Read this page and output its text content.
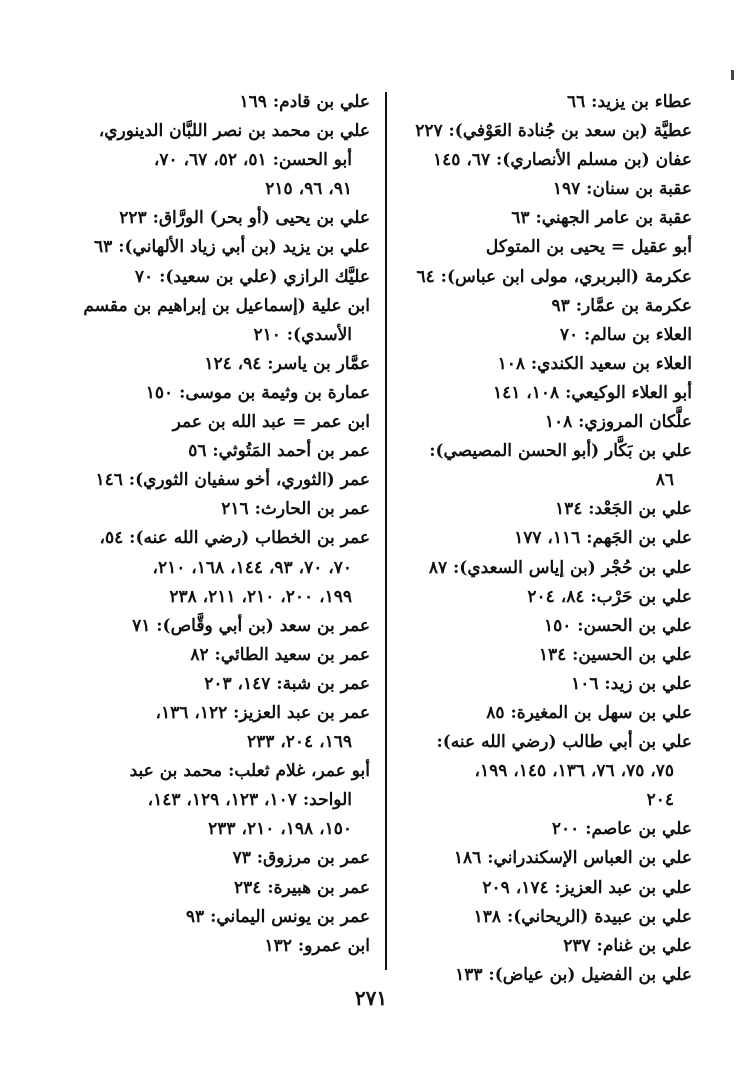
عطاء بن يزيد: ٦٦
عطيَّة (بن سعد بن جُنادة العَوْفي): ٢٢٧
عفان (بن مسلم الأنصاري): ٦٧، ١٤٥
عقبة بن سنان: ١٩٧
عقبة بن عامر الجهني: ٦٣
أبو عقيل = يحيى بن المتوكل
عكرمة (البربري، مولى ابن عباس): ٦٤
عكرمة بن عمَّار: ٩٣
العلاء بن سالم: ٧٠
العلاء بن سعيد الكندي: ١٠٨
أبو العلاء الوكيعي: ١٠٨، ١٤١
علَّكان المروزي: ١٠٨
علي بن بَكَّار (أبو الحسن المصيصي):
٨٦
علي بن الجَعْد: ١٣٤
علي بن الجَهم: ١١٦، ١٧٧
علي بن حُجْر (بن إياس السعدي): ٨٧
علي بن حَرْب: ٨٤، ٢٠٤
علي بن الحسن: ١٥٠
علي بن الحسين: ١٣٤
علي بن زيد: ١٠٦
علي بن سهل بن المغيرة: ٨٥
علي بن أبي طالب (رضي الله عنه):
٧٥، ٧٥، ٧٦، ١٣٦، ١٤٥، ١٩٩،
٢٠٤
علي بن عاصم: ٢٠٠
علي بن العباس الإسكندراني: ١٨٦
علي بن عبد العزيز: ١٧٤، ٢٠٩
علي بن عبيدة (الريحاني): ١٣٨
علي بن غنام: ٢٣٧
علي بن الفضيل (بن عياض): ١٣٣
علي بن قادم: ١٦٩
علي بن محمد بن نصر اللبَّان الدينوري،
أبو الحسن: ٥١، ٥٢، ٦٧، ٧٠،
٩١، ٩٦، ٢١٥
علي بن يحيى (أو بحر) الورَّاق: ٢٢٣
علي بن يزيد (بن أبي زياد الألهاني): ٦٣
عليَّك الرازي (علي بن سعيد): ٧٠
ابن علية (إسماعيل بن إبراهيم بن مقسم
الأسدي): ٢١٠
عمَّار بن ياسر: ٩٤، ١٢٤
عمارة بن وثيمة بن موسى: ١٥٠
ابن عمر = عبد الله بن عمر
عمر بن أحمد المَتُوثي: ٥٦
عمر (الثوري، أخو سفيان الثوري): ١٤٦
عمر بن الحارث: ٢١٦
عمر بن الخطاب (رضي الله عنه): ٥٤،
٧٠، ٧٠، ٩٣، ١٤٤، ١٦٨، ٢١٠،
١٩٩، ٢٠٠، ٢١٠، ٢١١، ٢٣٨
عمر بن سعد (بن أبي وقَّاص): ٧١
عمر بن سعيد الطائي: ٨٢
عمر بن شبة: ١٤٧، ٢٠٣
عمر بن عبد العزيز: ١٢٢، ١٣٦،
١٦٩، ٢٠٤، ٢٣٣
أبو عمر، غلام ثعلب: محمد بن عبد
الواحد: ١٠٧، ١٢٣، ١٢٩، ١٤٣،
١٥٠، ١٩٨، ٢١٠، ٢٣٣
عمر بن مرزوق: ٧٣
عمر بن هبيرة: ٢٣٤
عمر بن يونس اليماني: ٩٣
ابن عمرو: ١٣٢
٢٧١
